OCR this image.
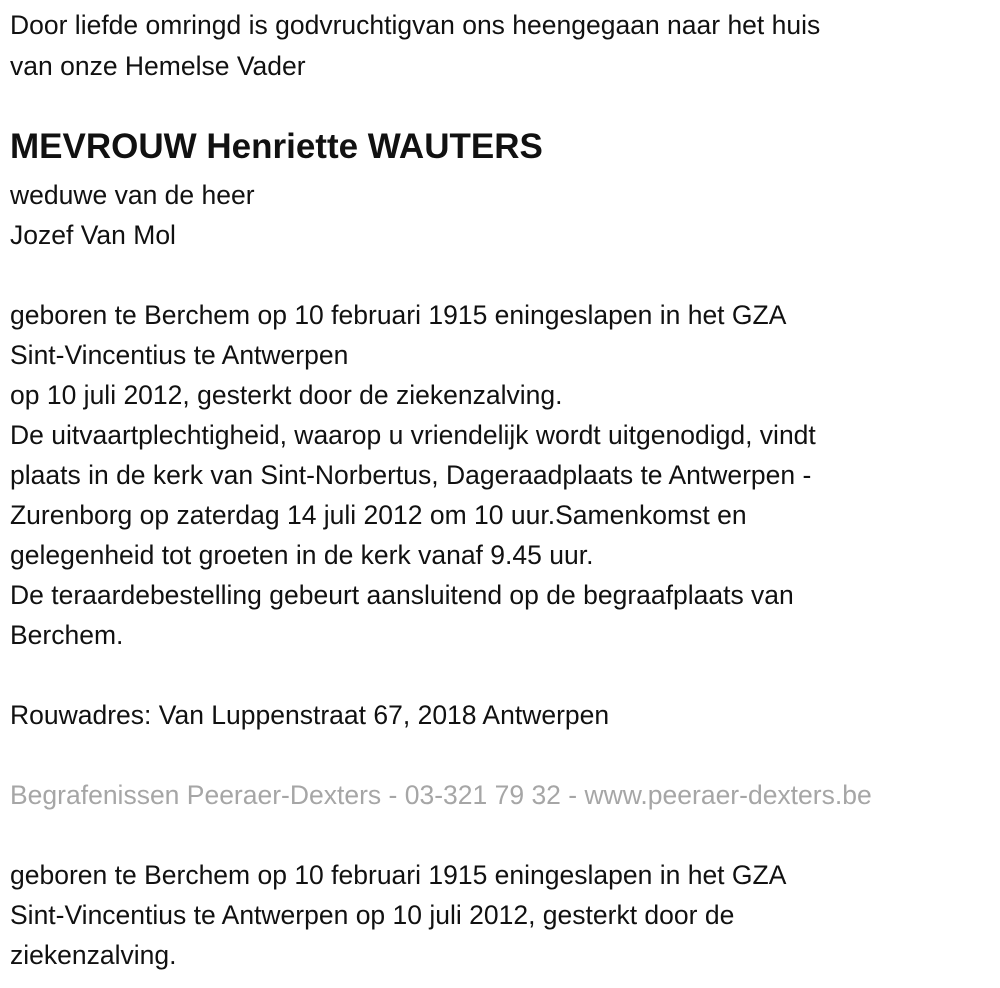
Door liefde omringd is godvruchtigvan ons heengegaan naar het huis
van onze Hemelse Vader
MEVROUW Henriette WAUTERS
weduwe van de heer
Jozef Van Mol
geboren te Berchem op 10 februari 1915 eningeslapen in het GZA
Sint-Vincentius te Antwerpen
op 10 juli 2012, gesterkt door de ziekenzalving.
De uitvaartplechtigheid, waarop u vriendelijk wordt uitgenodigd, vindt
plaats in de kerk van Sint-Norbertus, Dageraadplaats te Antwerpen -
Zurenborg op zaterdag 14 juli 2012 om 10 uur.Samenkomst en
gelegenheid tot groeten in de kerk vanaf 9.45 uur.
De teraardebestelling gebeurt aansluitend op de begraafplaats van
Berchem.
Rouwadres: Van Luppenstraat 67, 2018 Antwerpen
Begrafenissen Peeraer-Dexters - 03-321 79 32 - www.peeraer-dexters.be
geboren te Berchem op 10 februari 1915 eningeslapen in het GZA
Sint-Vincentius te Antwerpen op 10 juli 2012, gesterkt door de
ziekenzalving.
